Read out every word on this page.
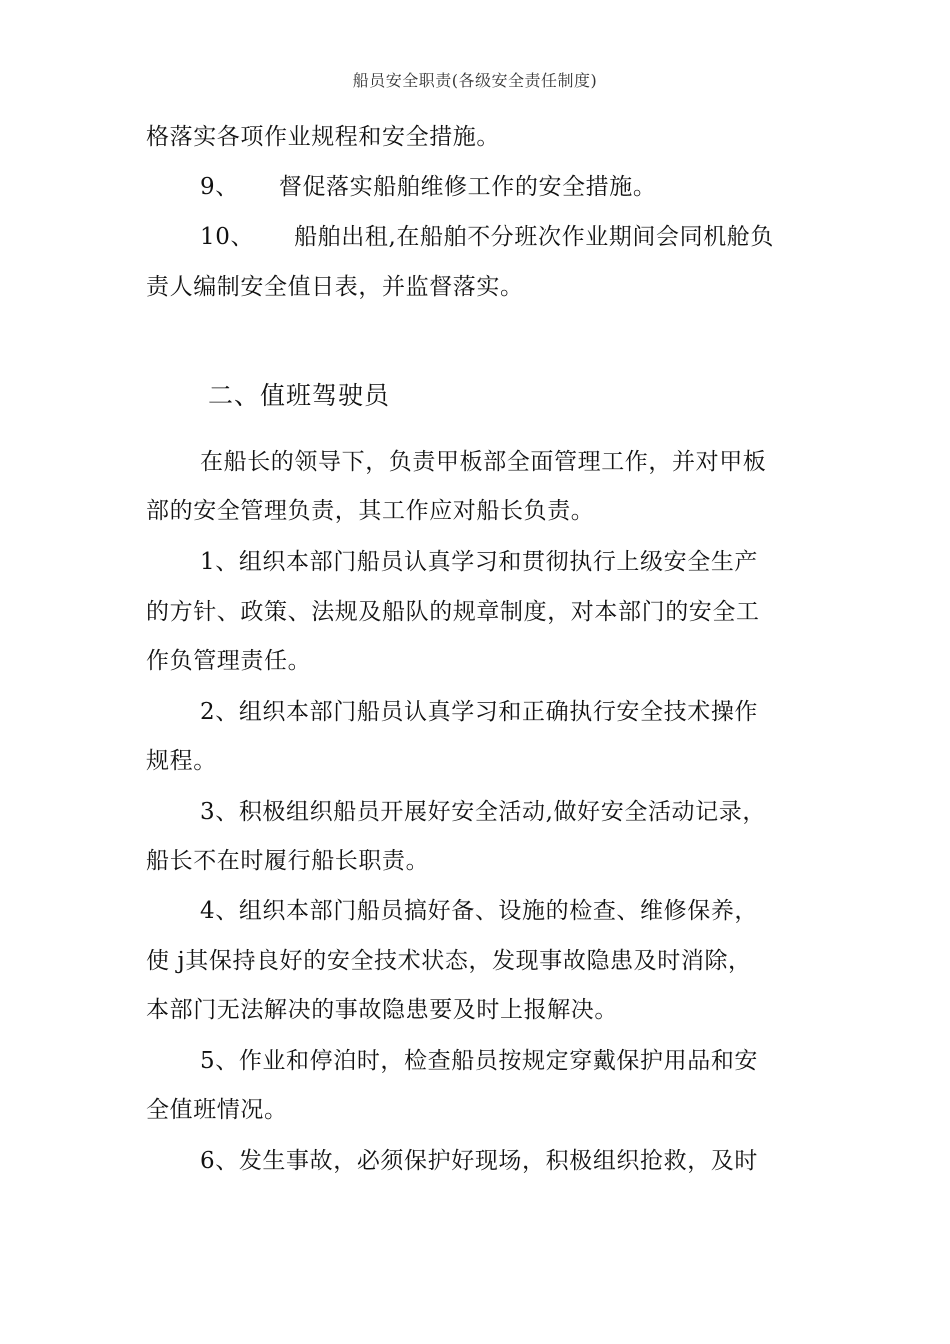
船员安全职责(各级安全责任制度)
格落实各项作业规程和安全措施。
9、 督促落实船舶维修工作的安全措施。
10、 船舶出租,在船舶不分班次作业期间会同机舱负
责人编制安全值日表，并监督落实。
二、值班驾驶员
在船长的领导下，负责甲板部全面管理工作，并对甲板
部的安全管理负责，其工作应对船长负责。
1、组织本部门船员认真学习和贯彻执行上级安全生产
的方针、政策、法规及船队的规章制度，对本部门的安全工
作负管理责任。
2、组织本部门船员认真学习和正确执行安全技术操作
规程。
3、积极组织船员开展好安全活动,做好安全活动记录，
船长不在时履行船长职责。
4、组织本部门船员搞好备、设施的检查、维修保养，
使 j其保持良好的安全技术状态，发现事故隐患及时消除，
本部门无法解决的事故隐患要及时上报解决。
5、作业和停泊时，检查船员按规定穿戴保护用品和安
全值班情况。
6、发生事故，必须保护好现场，积极组织抢救，及时
